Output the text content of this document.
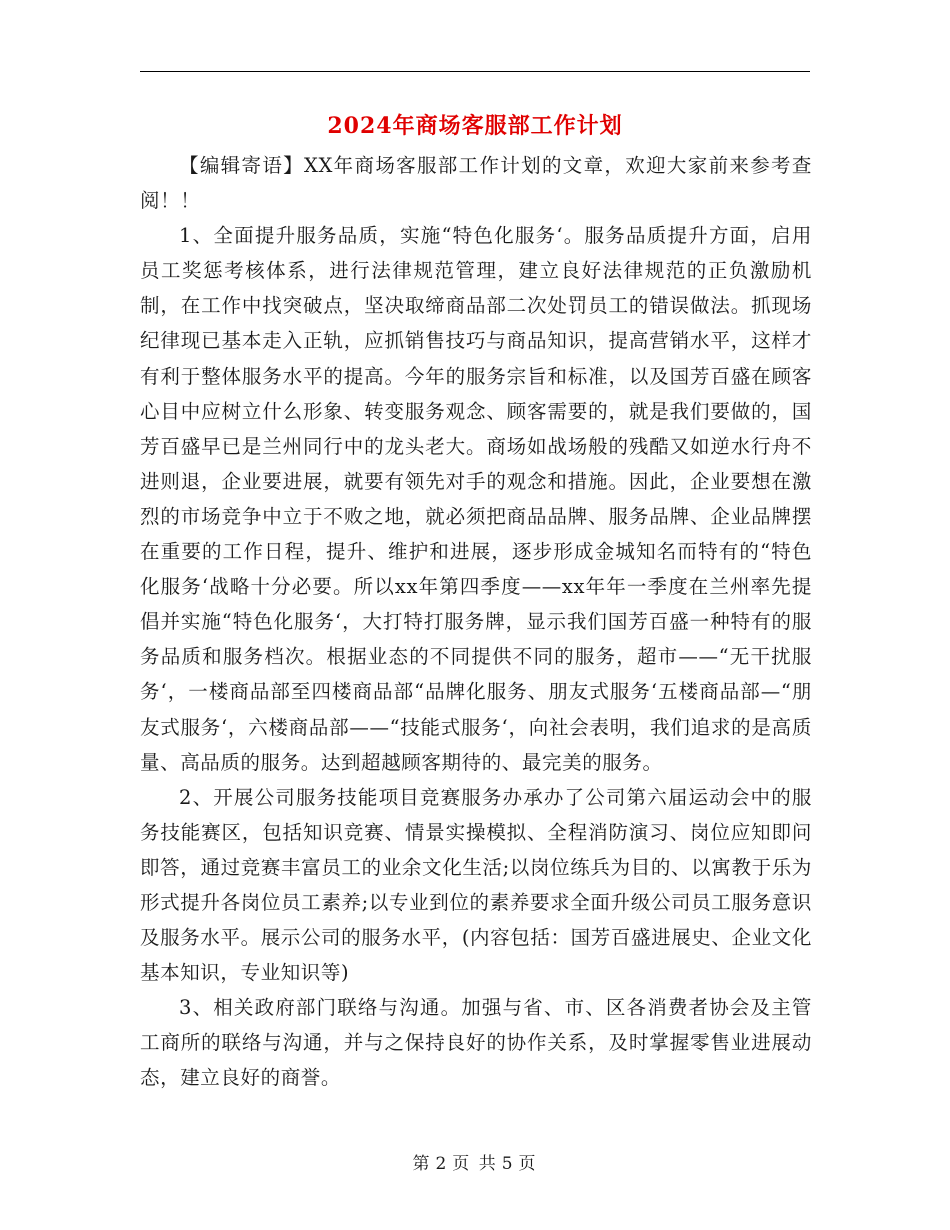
2024年商场客服部工作计划

【编辑寄语】XX年商场客服部工作计划的文章，欢迎大家前来参考查阅！！

1、全面提升服务品质，实施“特色化服务‘。服务品质提升方面，启用员工奖惩考核体系，进行法律规范管理，建立良好法律规范的正负激励机制，在工作中找突破点，坚决取缔商品部二次处罚员工的错误做法。抓现场纪律现已基本走入正轨，应抓销售技巧与商品知识，提高营销水平，这样才有利于整体服务水平的提高。今年的服务宗旨和标准，以及国芳百盛在顾客心目中应树立什么形象、转变服务观念、顾客需要的，就是我们要做的，国芳百盛早已是兰州同行中的龙头老大。商场如战场般的残酷又如逆水行舟不进则退，企业要进展，就要有领先对手的观念和措施。因此，企业要想在激烈的市场竞争中立于不败之地，就必须把商品品牌、服务品牌、企业品牌摆在重要的工作日程，提升、维护和进展，逐步形成金城知名而特有的“特色化服务‘战略十分必要。所以xx年第四季度——xx年年一季度在兰州率先提倡并实施“特色化服务‘，大打特打服务牌，显示我们国芳百盛一种特有的服务品质和服务档次。根据业态的不同提供不同的服务，超市——“无干扰服务‘，一楼商品部至四楼商品部“品牌化服务、朋友式服务‘五楼商品部—“朋友式服务‘，六楼商品部——“技能式服务‘，向社会表明，我们追求的是高质量、高品质的服务。达到超越顾客期待的、最完美的服务。

2、开展公司服务技能项目竞赛服务办承办了公司第六届运动会中的服务技能赛区，包括知识竞赛、情景实操模拟、全程消防演习、岗位应知即问即答，通过竞赛丰富员工的业余文化生活;以岗位练兵为目的、以寓教于乐为形式提升各岗位员工素养;以专业到位的素养要求全面升级公司员工服务意识及服务水平。展示公司的服务水平，(内容包括：国芳百盛进展史、企业文化基本知识，专业知识等)

3、相关政府部门联络与沟通。加强与省、市、区各消费者协会及主管工商所的联络与沟通，并与之保持良好的协作关系，及时掌握零售业进展动态，建立良好的商誉。

第 2 页 共 5 页
